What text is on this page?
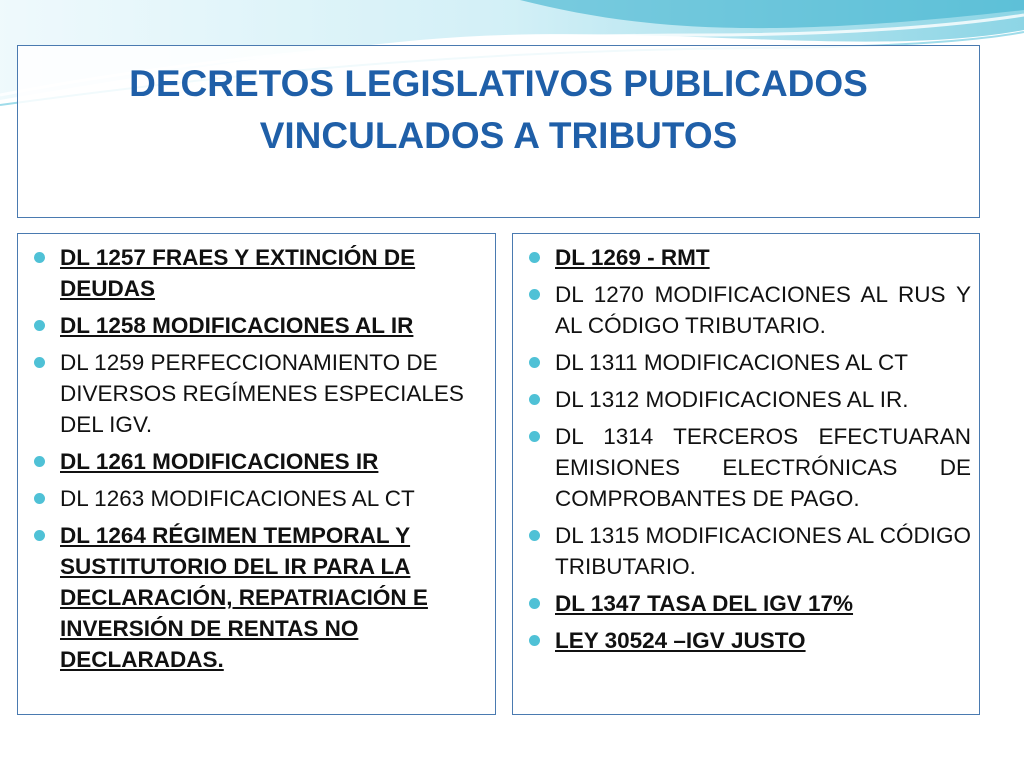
DECRETOS LEGISLATIVOS PUBLICADOS
VINCULADOS A TRIBUTOS
DL 1257 FRAES Y EXTINCIÓN DE DEUDAS
DL 1258 MODIFICACIONES AL IR
DL 1259 PERFECCIONAMIENTO DE DIVERSOS REGÍMENES ESPECIALES DEL IGV.
DL 1261 MODIFICACIONES IR
DL 1263 MODIFICACIONES AL CT
DL 1264 RÉGIMEN TEMPORAL Y SUSTITUTORIO DEL IR PARA LA DECLARACIÓN, REPATRIACIÓN E INVERSIÓN DE RENTAS NO DECLARADAS.
DL 1269 - RMT
DL 1270 MODIFICACIONES AL RUS Y AL CÓDIGO TRIBUTARIO.
DL 1311 MODIFICACIONES AL CT
DL 1312 MODIFICACIONES AL IR.
DL 1314 TERCEROS EFECTUARAN EMISIONES ELECTRÓNICAS DE COMPROBANTES DE PAGO.
DL 1315 MODIFICACIONES AL CÓDIGO TRIBUTARIO.
DL 1347 TASA DEL IGV 17%
LEY 30524 –IGV JUSTO
